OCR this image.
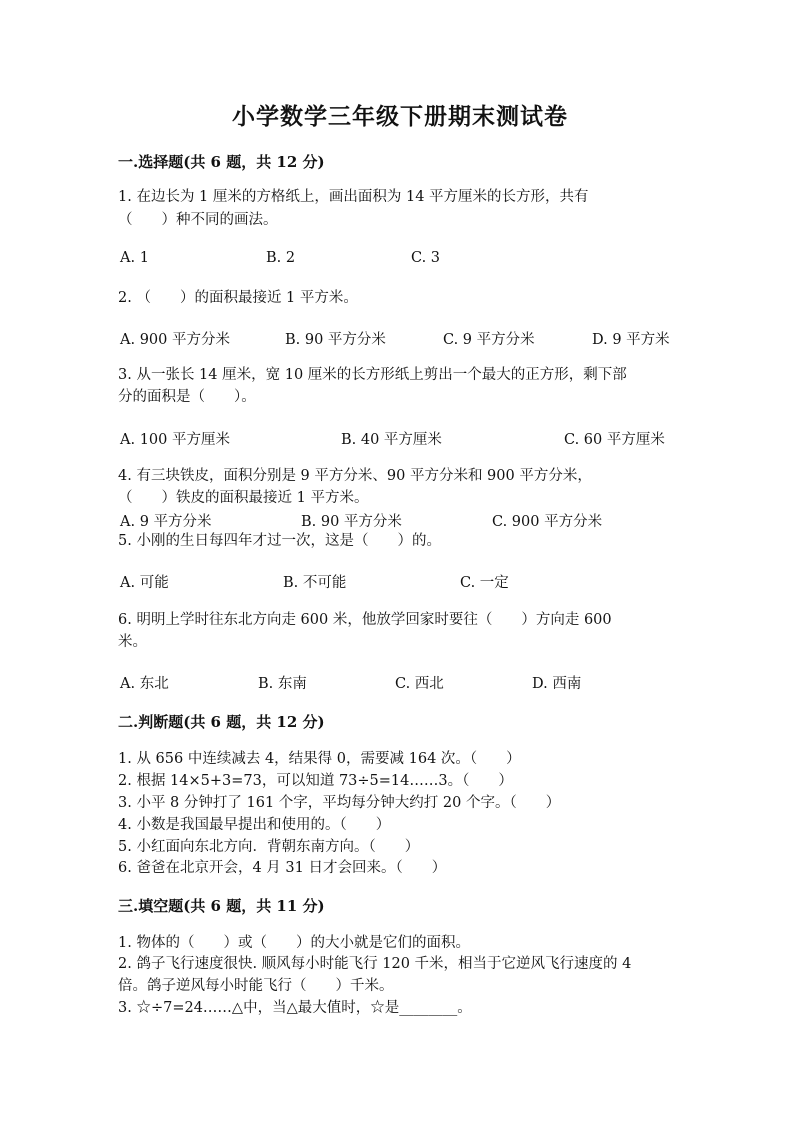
小学数学三年级下册期末测试卷
一.选择题(共 6 题，共 12 分)
1. 在边长为 1 厘米的方格纸上，画出面积为 14 平方厘米的长方形，共有
（　　）种不同的画法。
A. 1	B. 2	C. 3
2. （　　）的面积最接近 1 平方米。
A. 900 平方分米	B. 90 平方分米	C. 9 平方分米	D. 9 平方米
3. 从一张长 14 厘米，宽 10 厘米的长方形纸上剪出一个最大的正方形，剩下部
分的面积是（　　）。
A. 100 平方厘米	B. 40 平方厘米	C. 60 平方厘米
4. 有三块铁皮，面积分别是 9 平方分米、90 平方分米和 900 平方分米，
（　　）铁皮的面积最接近 1 平方米。
A. 9 平方分米	B. 90 平方分米	C. 900 平方分米
5. 小刚的生日每四年才过一次，这是（　　）的。
A. 可能	B. 不可能	C. 一定
6. 明明上学时往东北方向走 600 米，他放学回家时要往（　　）方向走 600
米。
A. 东北	B. 东南	C. 西北	D. 西南
二.判断题(共 6 题，共 12 分)
1. 从 656 中连续减去 4，结果得 0，需要减 164 次。（　　）
2. 根据 14×5+3=73，可以知道 73÷5=14……3。（　　）
3. 小平 8 分钟打了 161 个字，平均每分钟大约打 20 个字。（　　）
4. 小数是我国最早提出和使用的。（　　）
5. 小红面向东北方向．背朝东南方向。（　　）
6. 爸爸在北京开会，4 月 31 日才会回来。（　　）
三.填空题(共 6 题，共 11 分)
1. 物体的（　　）或（　　）的大小就是它们的面积。
2. 鸽子飞行速度很快. 顺风每小时能飞行 120 千米，相当于它逆风飞行速度的 4
倍。鸽子逆风每小时能飞行（　　）千米。
3. ☆÷7=24……△中，当△最大值时，☆是________。
